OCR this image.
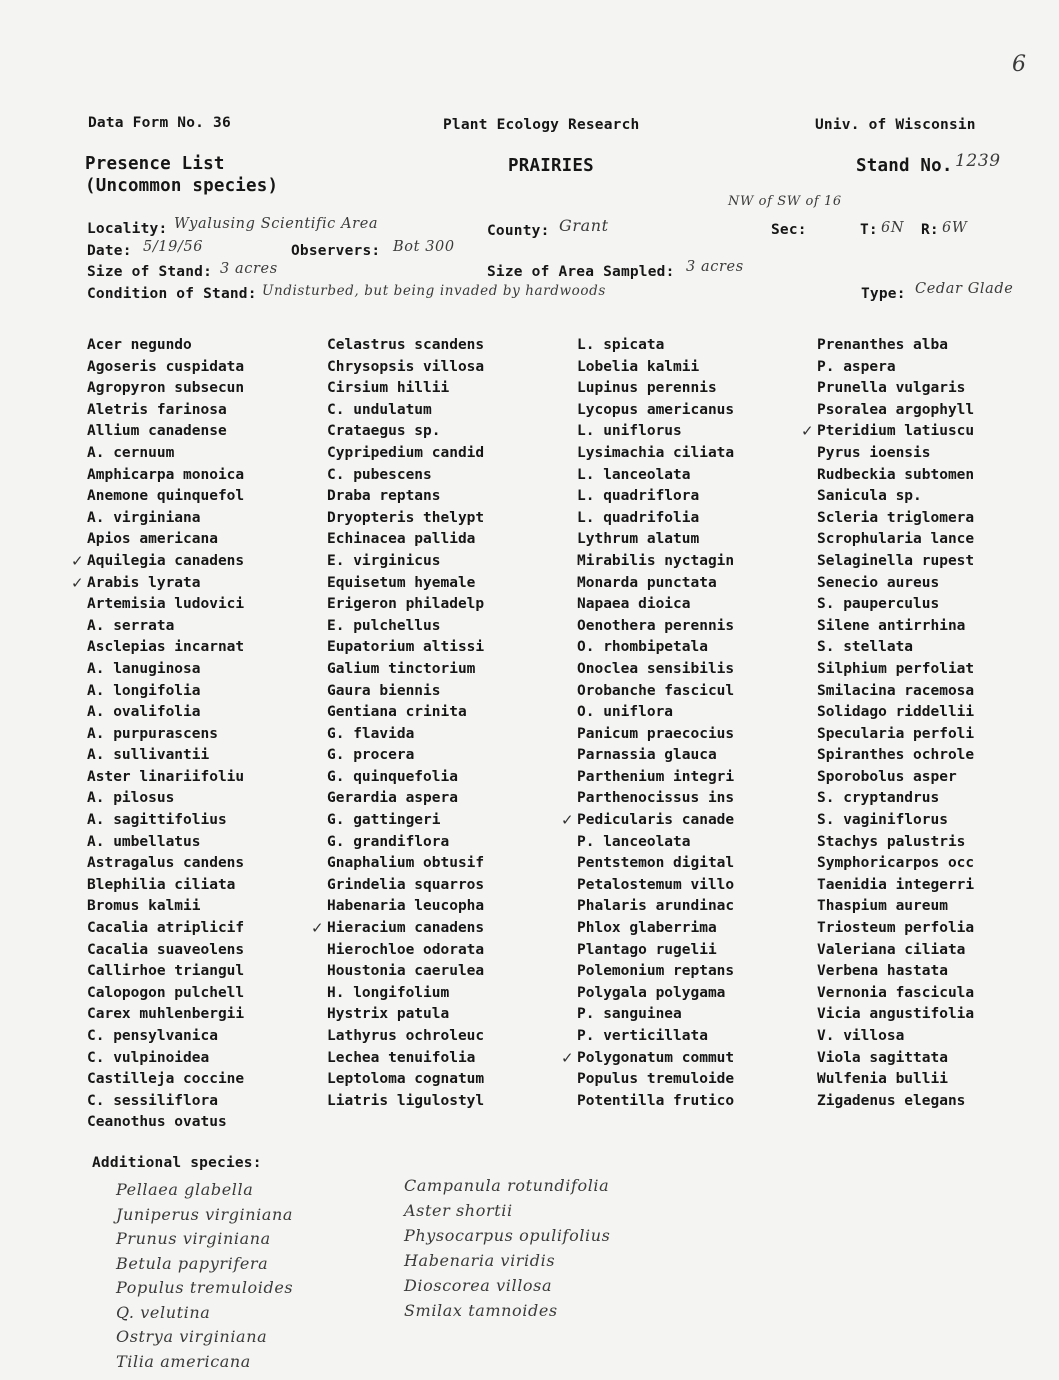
6
Data Form No. 36	Plant Ecology Research	Univ. of Wisconsin
Presence List
(Uncommon species)
PRAIRIES	Stand No. 1239
NW of SW of 16
Locality: Wyalusing Scientific Area	County: Grant	Sec:	T: 6N R: 6W
Date: 5/19/56	Observers: Bot 300
Size of Stand: 3 acres	Size of Area Sampled: 3 acres
Condition of Stand: Undisturbed, but being invaded by hardwoods	Type: Cedar Glade
Acer negundo
Agoseris cuspidata
Agropyron subsecun
Aletris farinosa
Allium canadense
A. cernuum
Amphicarpa monoica
Anemone quinquefol
A. virginiana
Apios americana
✓ Aquilegia canadens
✓ Arabis lyrata
Artemisia ludovici
A. serrata
Asclepias incarnat
A. lanuginosa
A. longifolia
A. ovalifolia
A. purpurascens
A. sullivantii
Aster linariifoliu
A. pilosus
A. sagittifolius
A. umbellatus
Astragalus candens
Blephilia ciliata
Bromus kalmii
Cacalia atriplicif
Cacalia suaveolens
Callirhoe triangul
Calopogon pulchell
Carex muhlenbergii
C. pensylvanica
C. vulpinoidea
Castilleja coccine
C. sessiliflora
Ceanothus ovatus
Celastrus scandens
Chrysopsis villosa
Cirsium hillii
C. undulatum
Crataegus sp.
Cypripedium candid
C. pubescens
Draba reptans
Dryopteris thelypt
Echinacea pallida
E. virginicus
Equisetum hyemale
Erigeron philadelp
E. pulchellus
Eupatorium altissi
Galium tinctorium
Gaura biennis
Gentiana crinita
G. flavida
G. procera
G. quinquefolia
Gerardia aspera
G. gattingeri
G. grandiflora
Gnaphalium obtusif
Grindelia squarros
Habenaria leucopha
✓ Hieracium canadens
Hierochloe odorata
Houstonia caerulea
H. longifolium
Hystrix patula
Lathyrus ochroleuc
Lechea tenuifolia
Leptoloma cognatum
Liatris ligulostyl
L. spicata
Lobelia kalmii
Lupinus perennis
Lycopus americanus
L. uniflorus
Lysimachia ciliata
L. lanceolata
L. quadriflora
L. quadrifolia
Lythrum alatum
Mirabilis nyctagin
Monarda punctata
Napaea dioica
Oenothera perennis
O. rhombipetala
Onoclea sensibilis
Orobanche fascicul
O. uniflora
Panicum praecocius
Parnassia glauca
Parthenium integri
Parthenocissus ins
✓ Pedicularis canade
P. lanceolata
Pentstemon digital
Petalostemum villo
Phalaris arundinac
Phlox glaberrima
Plantago rugelii
Polemonium reptans
Polygala polygama
P. sanguinea
P. verticillata
✓ Polygonatum commut
Populus tremuloide
Potentilla frutico
Prenanthes alba
P. aspera
Prunella vulgaris
Psoralea argophyll
✓ Pteridium latiuscu
Pyrus ioensis
Rudbeckia subtomen
Sanicula sp.
Scleria triglomera
Scrophularia lance
Selaginella rupest
Senecio aureus
S. pauperculus
Silene antirrhina
S. stellata
Silphium perfoliat
Smilacina racemosa
Solidago riddellii
Specularia perfoli
Spiranthes ochrole
Sporobolus asper
S. cryptandrus
S. vaginiflorus
Stachys palustris
Symphoricarpos occ
Taenidia integerri
Thaspium aureum
Triosteum perfolia
Valeriana ciliata
Verbena hastata
Vernonia fascicula
Vicia angustifolia
V. villosa
Viola sagittata
Wulfenia bullii
Zigadenus elegans
Additional species:
Pellaea glabella
Juniperus virginiana
Prunus virginiana
Betula papyrifera
Populus tremuloides
Q. velutina
Ostrya virginiana
Tilia americana
Campanula rotundifolia
Aster shortii
Physocarpus opulifolius
Habenaria viridis
Dioscorea villosa
Smilax tamnoides
